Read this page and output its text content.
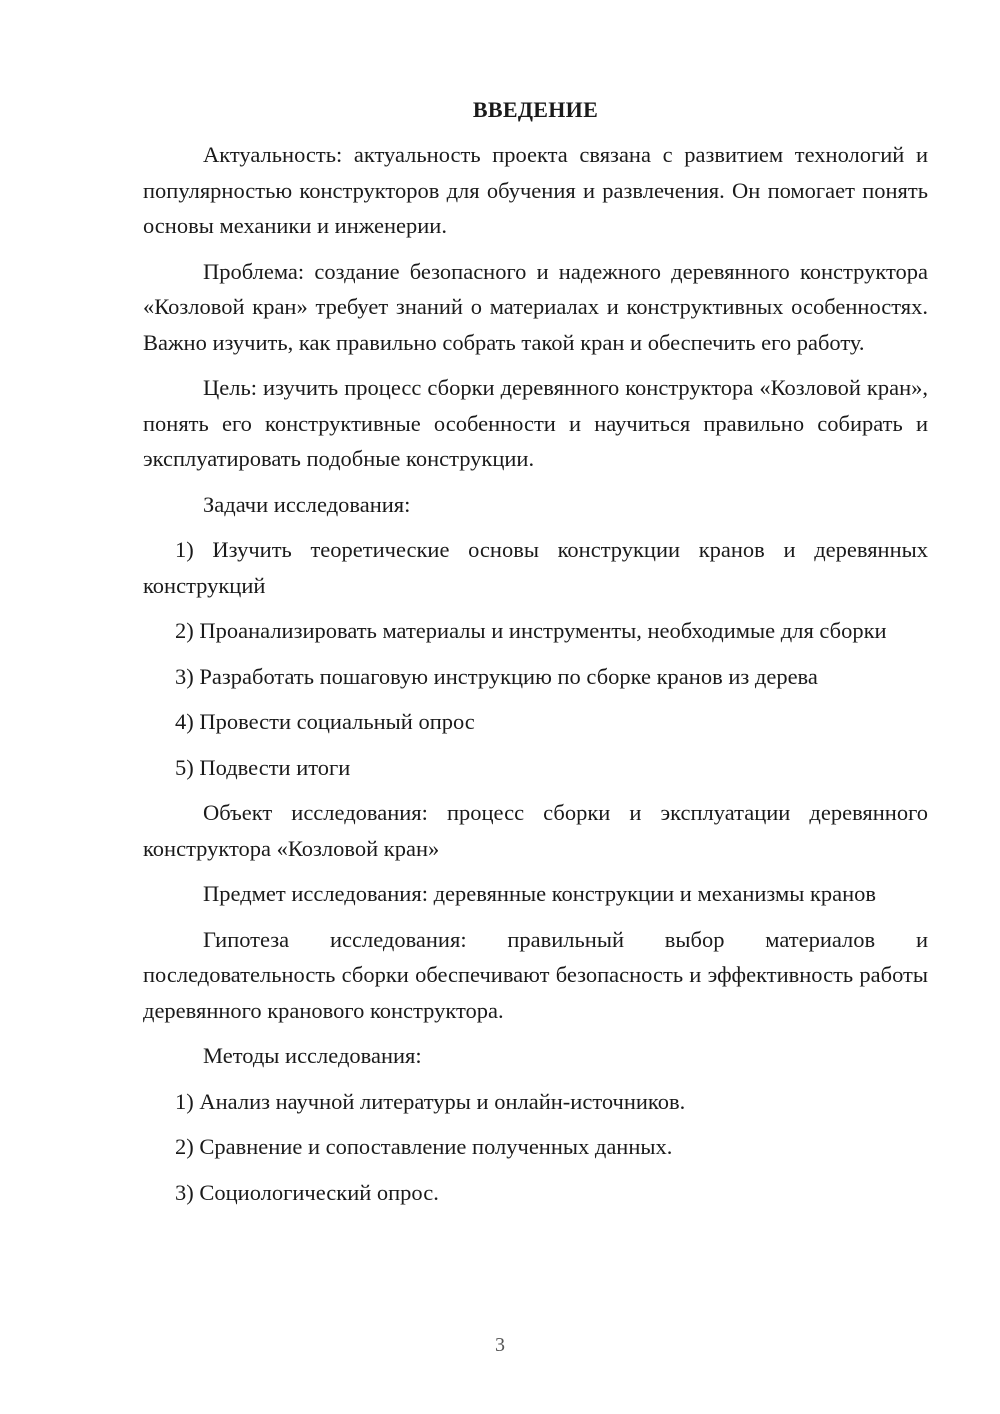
ВВЕДЕНИЕ

Актуальность: актуальность проекта связана с развитием технологий и популярностью конструкторов для обучения и развлечения. Он помогает понять основы механики и инженерии.

Проблема: создание безопасного и надежного деревянного конструктора «Козловой кран» требует знаний о материалах и конструктивных особенностях. Важно изучить, как правильно собрать такой кран и обеспечить его работу.

Цель: изучить процесс сборки деревянного конструктора «Козловой кран», понять его конструктивные особенности и научиться правильно собирать и эксплуатировать подобные конструкции.

Задачи исследования:

1) Изучить теоретические основы конструкции кранов и деревянных конструкций

2) Проанализировать материалы и инструменты, необходимые для сборки

3) Разработать пошаговую инструкцию по сборке кранов из дерева

4) Провести социальный опрос

5) Подвести итоги

Объект исследования: процесс сборки и эксплуатации деревянного конструктора «Козловой кран»

Предмет исследования: деревянные конструкции и механизмы кранов

Гипотеза исследования: правильный выбор материалов и последовательность сборки обеспечивают безопасность и эффективность работы деревянного кранового конструктора.

Методы исследования:

1) Анализ научной литературы и онлайн-источников.

2) Сравнение и сопоставление полученных данных.

3) Социологический опрос.

3
